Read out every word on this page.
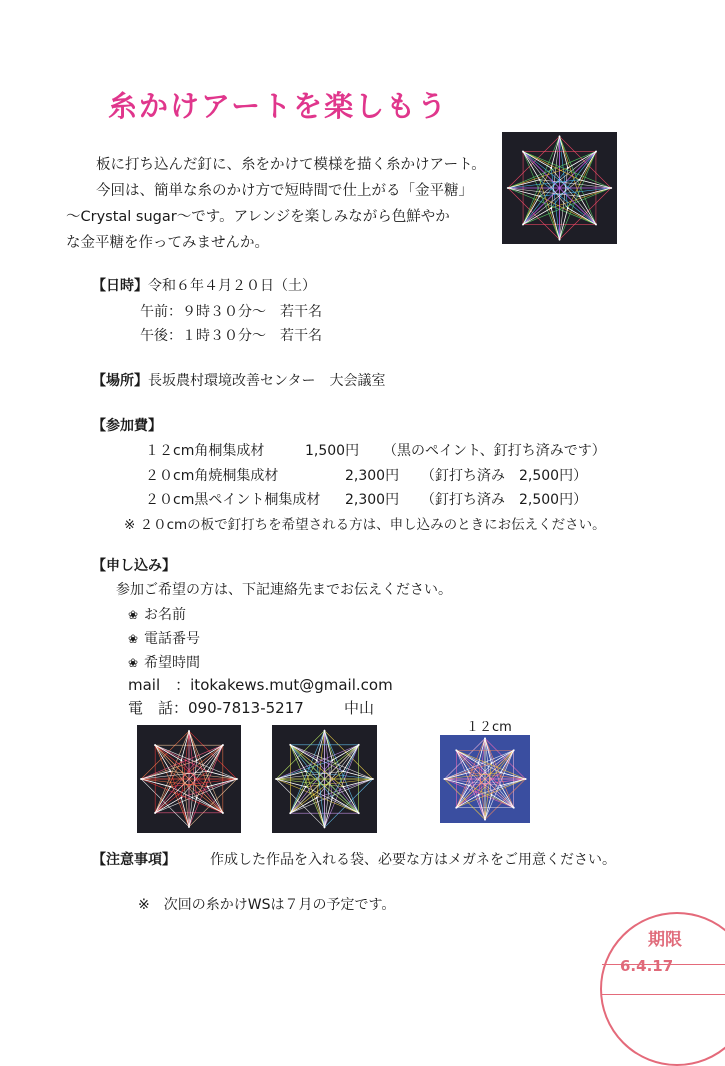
糸かけアートを楽しもう
板に打ち込んだ釘に、糸をかけて模様を描く糸かけアート。
今回は、簡単な糸のかけ方で短時間で仕上がる「金平糖」
〜Crystal sugar〜です。アレンジを楽しみながら色鮮やか
な金平糖を作ってみませんか。
【日時】令和６年４月２０日（土）
午前：９時３０分～　若干名
午後：１時３０分～　若干名
【場所】長坂農村環境改善センター　大会議室
【参加費】
１２cm角桐集成材	1,500円 （黒のペイント、釘打ち済みです）
２０cm角焼桐集成材	2,300円 （釘打ち済み　2,500円）
２０cm黒ペイント桐集成材 2,300円 （釘打ち済み　2,500円）
※ ２０cmの板で釘打ちを希望される方は、申し込みのときにお伝えください。
【申し込み】
参加ご希望の方は、下記連絡先までお伝えください。
❀ お名前
❀ 電話番号
❀ 希望時間
mail　：itokakews.mut@gmail.com
電　話：090-7813-5217	中山
１２cm
【注意事項】 作成した作品を入れる袋、必要な方はメガネをご用意ください。
※　次回の糸かけWSは７月の予定です。
期限
6.4.17
